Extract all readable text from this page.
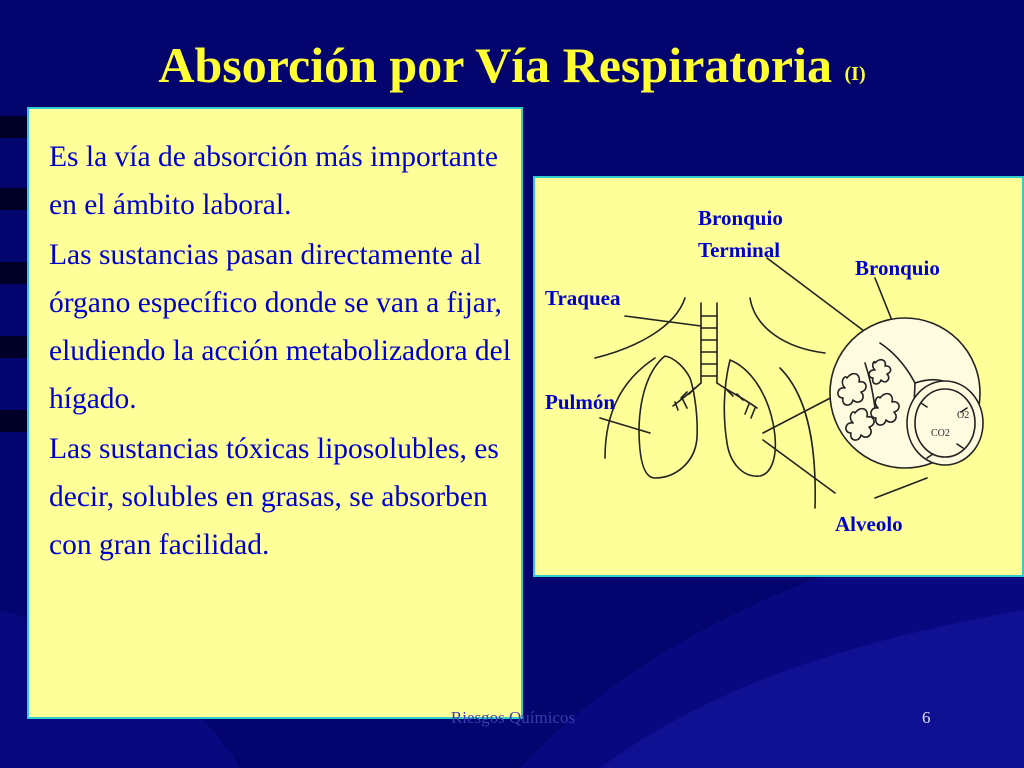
Absorción por Vía Respiratoria (I)

Es la vía de absorción más importante en el ámbito laboral.

Las sustancias pasan directamente al órgano específico donde se van a fijar, eludiendo la acción metabolizadora del hígado.

Las sustancias tóxicas liposolubles, es decir, solubles en grasas, se absorben con gran facilidad.

O2
CO2
Bronquio
Terminal
Bronquio
Traquea
Pulmón
Alveolo
Riesgos Químicos	6
